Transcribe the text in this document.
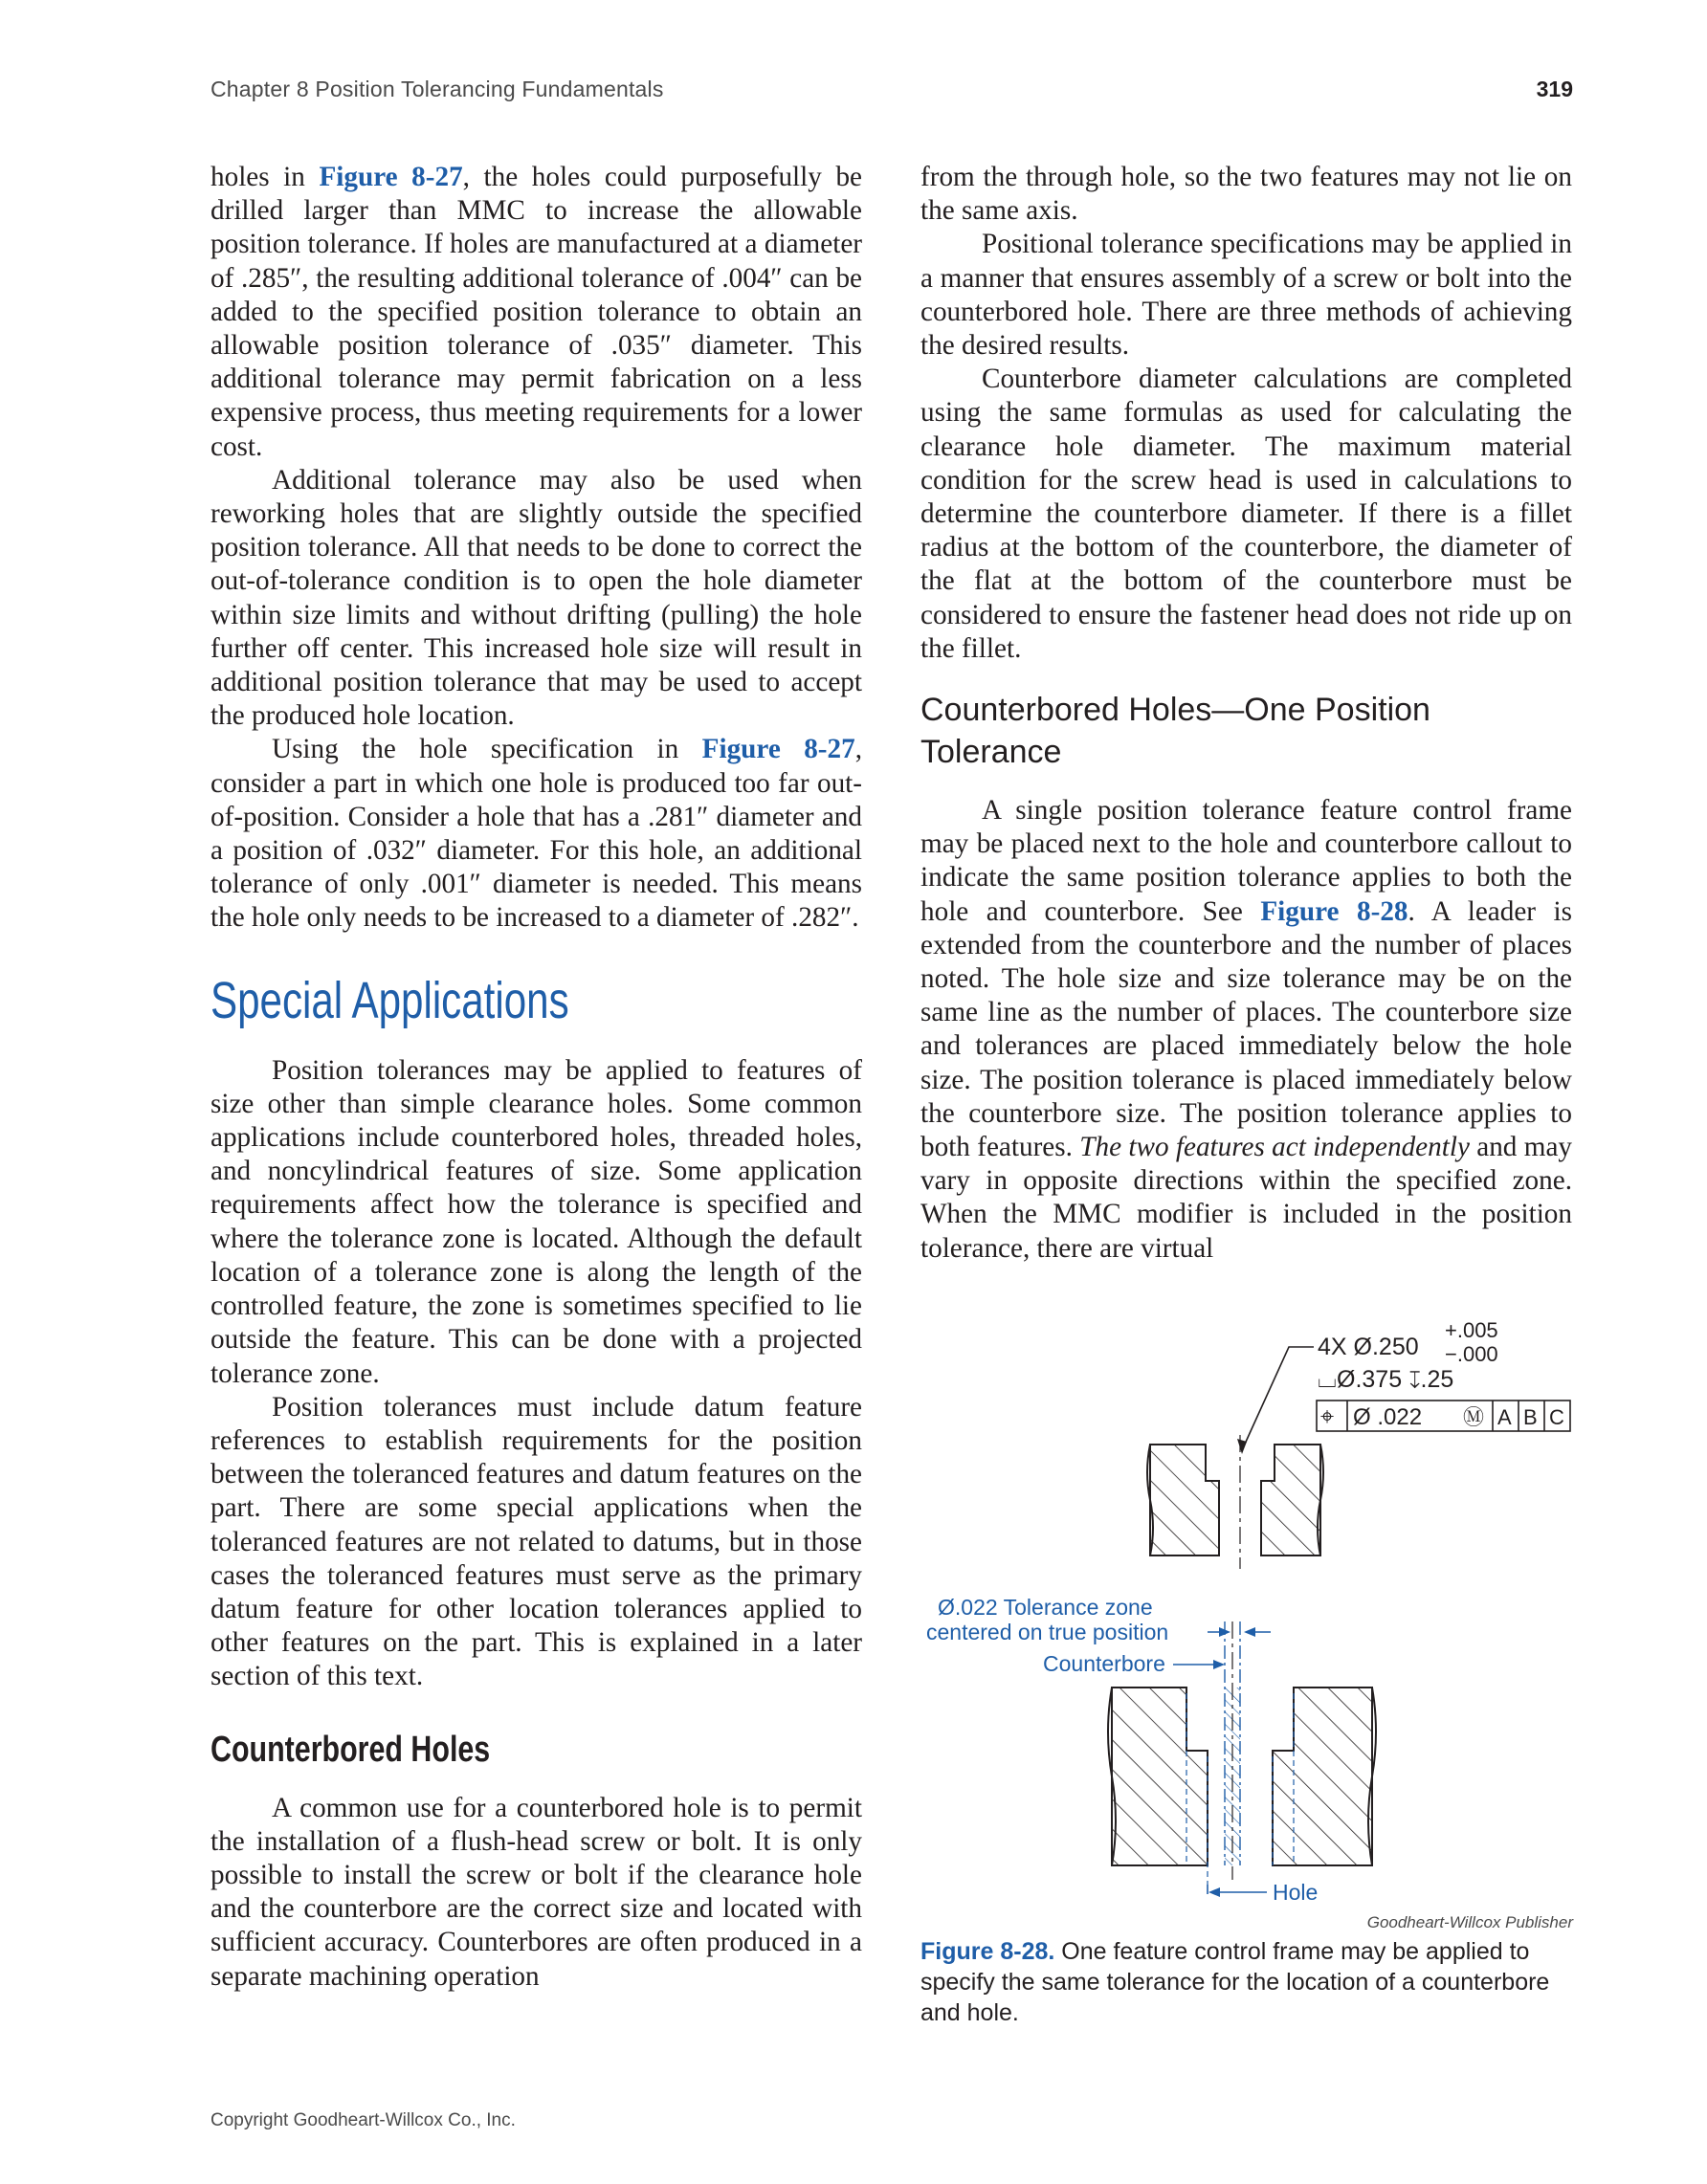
Chapter 8 Position Tolerancing Fundamentals	319

holes in Figure 8-27, the holes could purposefully be drilled larger than MMC to increase the allowable position tolerance. If holes are manufactured at a diameter of .285″, the resulting additional tolerance of .004″ can be added to the specified position tolerance to obtain an allowable position tolerance of .035″ diameter. This additional tolerance may permit fabrication on a less expensive process, thus meeting requirements for a lower cost.

Additional tolerance may also be used when reworking holes that are slightly outside the specified position tolerance. All that needs to be done to correct the out-of-tolerance condition is to open the hole diameter within size limits and without drifting (pulling) the hole further off center. This increased hole size will result in additional position tolerance that may be used to accept the produced hole location.

Using the hole specification in Figure 8-27, consider a part in which one hole is produced too far out-of-position. Consider a hole that has a .281″ diameter and a position of .032″ diameter. For this hole, an additional tolerance of only .001″ diameter is needed. This means the hole only needs to be increased to a diameter of .282″.

Special Applications

Position tolerances may be applied to features of size other than simple clearance holes. Some common applications include counterbored holes, threaded holes, and noncylindrical features of size. Some application requirements affect how the tolerance is specified and where the tolerance zone is located. Although the default location of a tolerance zone is along the length of the controlled feature, the zone is sometimes specified to lie outside the feature. This can be done with a projected tolerance zone.

Position tolerances must include datum feature references to establish requirements for the position between the toleranced features and datum features on the part. There are some special applications when the toleranced features are not related to datums, but in those cases the toleranced features must serve as the primary datum feature for other location tolerances applied to other features on the part. This is explained in a later section of this text.

Counterbored Holes

A common use for a counterbored hole is to permit the installation of a flush-head screw or bolt. It is only possible to install the screw or bolt if the clearance hole and the counterbore are the correct size and located with sufficient accuracy. Counterbores are often produced in a separate machining operation

from the through hole, so the two features may not lie on the same axis.

Positional tolerance specifications may be applied in a manner that ensures assembly of a screw or bolt into the counterbored hole. There are three methods of achieving the desired results.

Counterbore diameter calculations are completed using the same formulas as used for calculating the clearance hole diameter. The maximum material condition for the screw head is used in calculations to determine the counterbore diameter. If there is a fillet radius at the bottom of the counterbore, the diameter of the flat at the bottom of the counterbore must be considered to ensure the fastener head does not ride up on the fillet.

Counterbored Holes—One Position Tolerance

A single position tolerance feature control frame may be placed next to the hole and counterbore callout to indicate the same position tolerance applies to both the hole and counterbore. See Figure 8-28. A leader is extended from the counterbore and the number of places noted. The hole size and size tolerance may be on the same line as the number of places. The counterbore size and tolerances are placed immediately below the hole size. The position tolerance is placed immediately below the counterbore size. The position tolerance applies to both features. The two features act independently and may vary in opposite directions within the specified zone. When the MMC modifier is included in the position tolerance, there are virtual

4X Ø.250
+.005
−.000
⌴Ø.375 ↧.25
⌖ Ø .022 Ⓜ A B C
Ø.022 Tolerance zone
centered on true position
Counterbore
Hole
Goodheart-Willcox Publisher
Figure 8-28. One feature control frame may be applied to specify the same tolerance for the location of a counterbore and hole.
Copyright Goodheart-Willcox Co., Inc.
